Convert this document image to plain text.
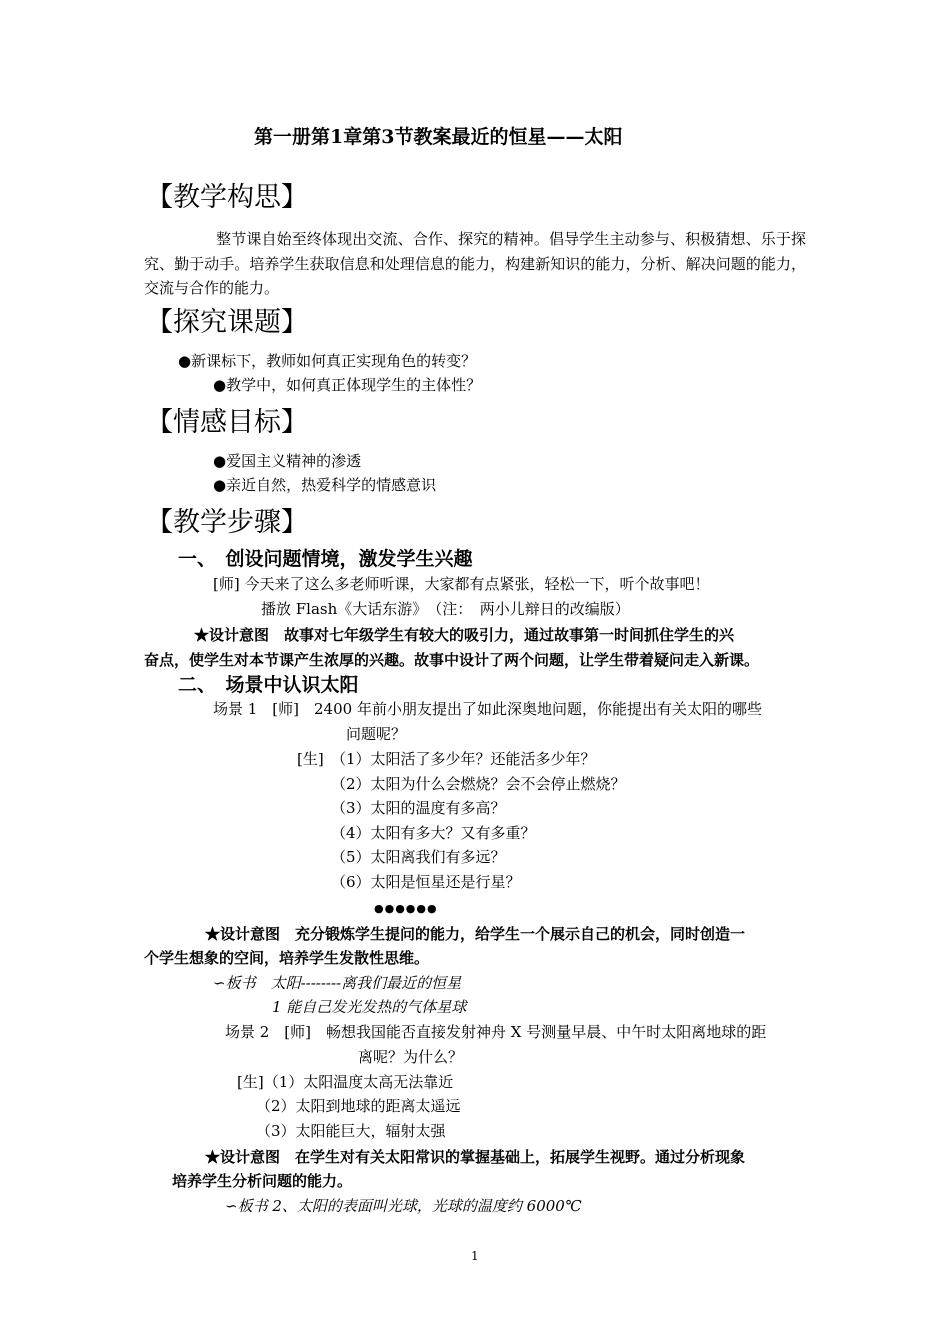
第一册第1章第3节教案最近的恒星——太阳
【教学构思】
整节课自始至终体现出交流、合作、探究的精神。倡导学生主动参与、积极猜想、乐于探究、勤于动手。培养学生获取信息和处理信息的能力，构建新知识的能力，分析、解决问题的能力，交流与合作的能力。
【探究课题】
●新课标下，教师如何真正实现角色的转变？
●教学中，如何真正体现学生的主体性？
【情感目标】
●爱国主义精神的渗透
●亲近自然，热爱科学的情感意识
【教学步骤】
一、　创设问题情境，激发学生兴趣
[师] 今天来了这么多老师听课，大家都有点紧张，轻松一下，听个故事吧！
播放 Flash《大话东游》　（注：　两小儿辩日的改编版）
★设计意图　故事对七年级学生有较大的吸引力，通过故事第一时间抓住学生的兴
奋点，使学生对本节课产生浓厚的兴趣。故事中设计了两个问题，让学生带着疑问走入新课。
二、　场景中认识太阳
场景 1　[师]　2400 年前小朋友提出了如此深奥地问题，你能提出有关太阳的哪些
问题呢？
[生] （1）太阳活了多少年？还能活多少年？
（2）太阳为什么会燃烧？会不会停止燃烧？
（3）太阳的温度有多高？
（4）太阳有多大？又有多重？
（5）太阳离我们有多远？
（6）太阳是恒星还是行星？
●●●●●●
★设计意图　充分锻炼学生提问的能力，给学生一个展示自己的机会，同时创造一
个学生想象的空间，培养学生发散性思维。
∽板书　太阳--------离我们最近的恒星
1 能自己发光发热的气体星球
场景 2　[师]　畅想我国能否直接发射神舟 X 号测量早晨、中午时太阳离地球的距
离呢？为什么？
[生]（1）太阳温度太高无法靠近
（2）太阳到地球的距离太遥远
（3）太阳能巨大，辐射太强
★设计意图　在学生对有关太阳常识的掌握基础上，拓展学生视野。通过分析现象
培养学生分析问题的能力。
∽板书 2、太阳的表面叫光球，光球的温度约 6000℃
1
